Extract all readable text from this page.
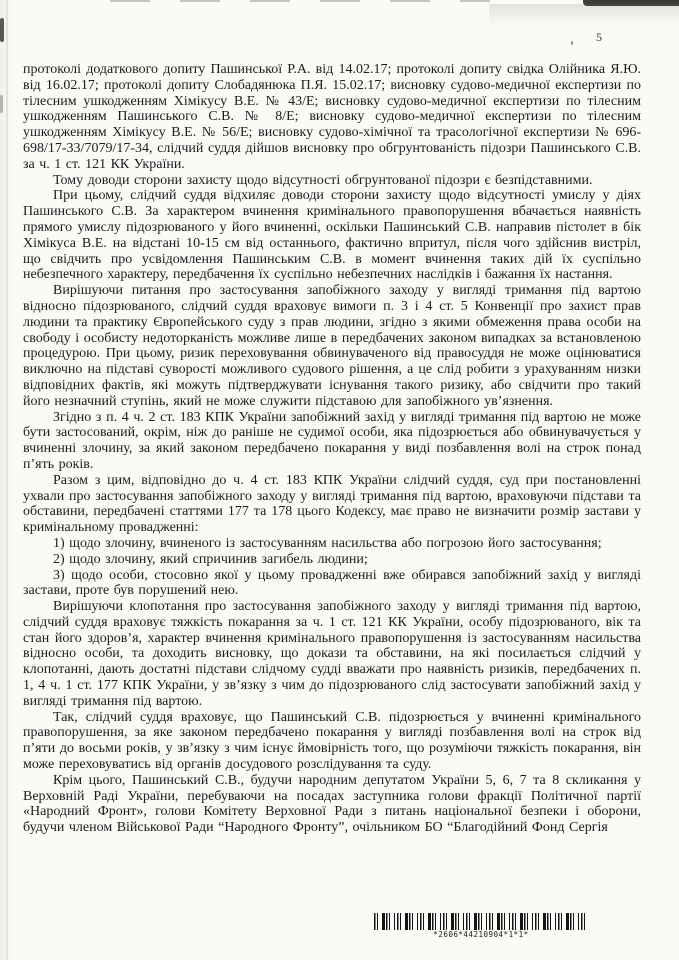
5

протоколі додаткового допиту Пашинської Р.А. від 14.02.17; протоколі допиту свідка Олійника Я.Ю. від 16.02.17; протоколі допиту Слобадянюка П.Я. 15.02.17; висновку судово-медичної експертизи по тілесним ушкодженням Хімікусу В.Е. № 43/Е; висновку судово-медичної експертизи по тілесним ушкодженням Пашинського С.В. № 8/Е; висновку судово-медичної експертизи по тілесним ушкодженням Хімікусу В.Е. № 56/Е; висновку судово-хімічної та трасологічної експертизи № 696-698/17-33/7079/17-34, слідчий суддя дійшов висновку про обгрунтованість підозри Пашинського С.В. за ч. 1 ст. 121 КК України.

Тому доводи сторони захисту щодо відсутності обгрунтованої підозри є безпідставними.

При цьому, слідчий суддя відхиляє доводи сторони захисту щодо відсутності умислу у діях Пашинського С.В. За характером вчинення кримінального правопорушення вбачається наявність прямого умислу підозрюваного у його вчиненні, оскільки Пашинський С.В. направив пістолет в бік Хімікуса В.Е. на відстані 10-15 см від останнього, фактично впритул, після чого здійснив вистріл, що свідчить про усвідомлення Пашинським С.В. в момент вчинення таких дій їх суспільно небезпечного характеру, передбачення їх суспільно небезпечних наслідків і бажання їх настання.

Вирішуючи питання про застосування запобіжного заходу у вигляді тримання під вартою відносно підозрюваного, слідчий суддя враховує вимоги п. 3 і 4 ст. 5 Конвенції про захист прав людини та практику Європейського суду з прав людини, згідно з якими обмеження права особи на свободу і особисту недоторканість можливе лише в передбачених законом випадках за встановленою процедурою. При цьому, ризик переховування обвинуваченого від правосуддя не може оцінюватися виключно на підставі суворості можливого судового рішення, а це слід робити з урахуванням низки відповідних фактів, які можуть підтверджувати існування такого ризику, або свідчити про такий його незначний ступінь, який не може служити підставою для запобіжного ув’язнення.

Згідно з п. 4 ч. 2 ст. 183 КПК України запобіжний захід у вигляді тримання під вартою не може бути застосований, окрім, ніж до раніше не судимої особи, яка підозрюється або обвинувачується у вчиненні злочину, за який законом передбачено покарання у виді позбавлення волі на строк понад п’ять років.

Разом з цим, відповідно до ч. 4 ст. 183 КПК України слідчий суддя, суд при постановленні ухвали про застосування запобіжного заходу у вигляді тримання під вартою, враховуючи підстави та обставини, передбачені статтями 177 та 178 цього Кодексу, має право не визначити розмір застави у кримінальному провадженні:

1) щодо злочину, вчиненого із застосуванням насильства або погрозою його застосування;

2) щодо злочину, який спричинив загибель людини;

3) щодо особи, стосовно якої у цьому провадженні вже обирався запобіжний захід у вигляді застави, проте був порушений нею.

Вирішуючи клопотання про застосування запобіжного заходу у вигляді тримання під вартою, слідчий суддя враховує тяжкість покарання за ч. 1 ст. 121 КК України, особу підозрюваного, вік та стан його здоров’я, характер вчинення кримінального правопорушення із застосуванням насильства відносно особи, та доходить висновку, що докази та обставини, на які посилається слідчий у клопотанні, дають достатні підстави слідчому судді вважати про наявність ризиків, передбачених п. 1, 4 ч. 1 ст. 177 КПК України, у зв’язку з чим до підозрюваного слід застосувати запобіжний захід у вигляді тримання під вартою.

Так, слідчий суддя враховує, що Пашинський С.В. підозрюється у вчиненні кримінального правопорушення, за яке законом передбачено покарання у вигляді позбавлення волі на строк від п’яти до восьми років, у зв’язку з чим існує ймовірність того, що розуміючи тяжкість покарання, він може переховуватись від органів досудового розслідування та суду.

Крім цього, Пашинський С.В., будучи народним депутатом України 5, 6, 7 та 8 скликання у Верховній Раді України, перебуваючи на посадах заступника голови фракції Політичної партії «Народний Фронт», голови Комітету Верховної Ради з питань національної безпеки і оборони, будучи членом Військової Ради “Народного Фронту”, очільником БО “Благодійний Фонд Сергія

*2606*44210904*1*1*
